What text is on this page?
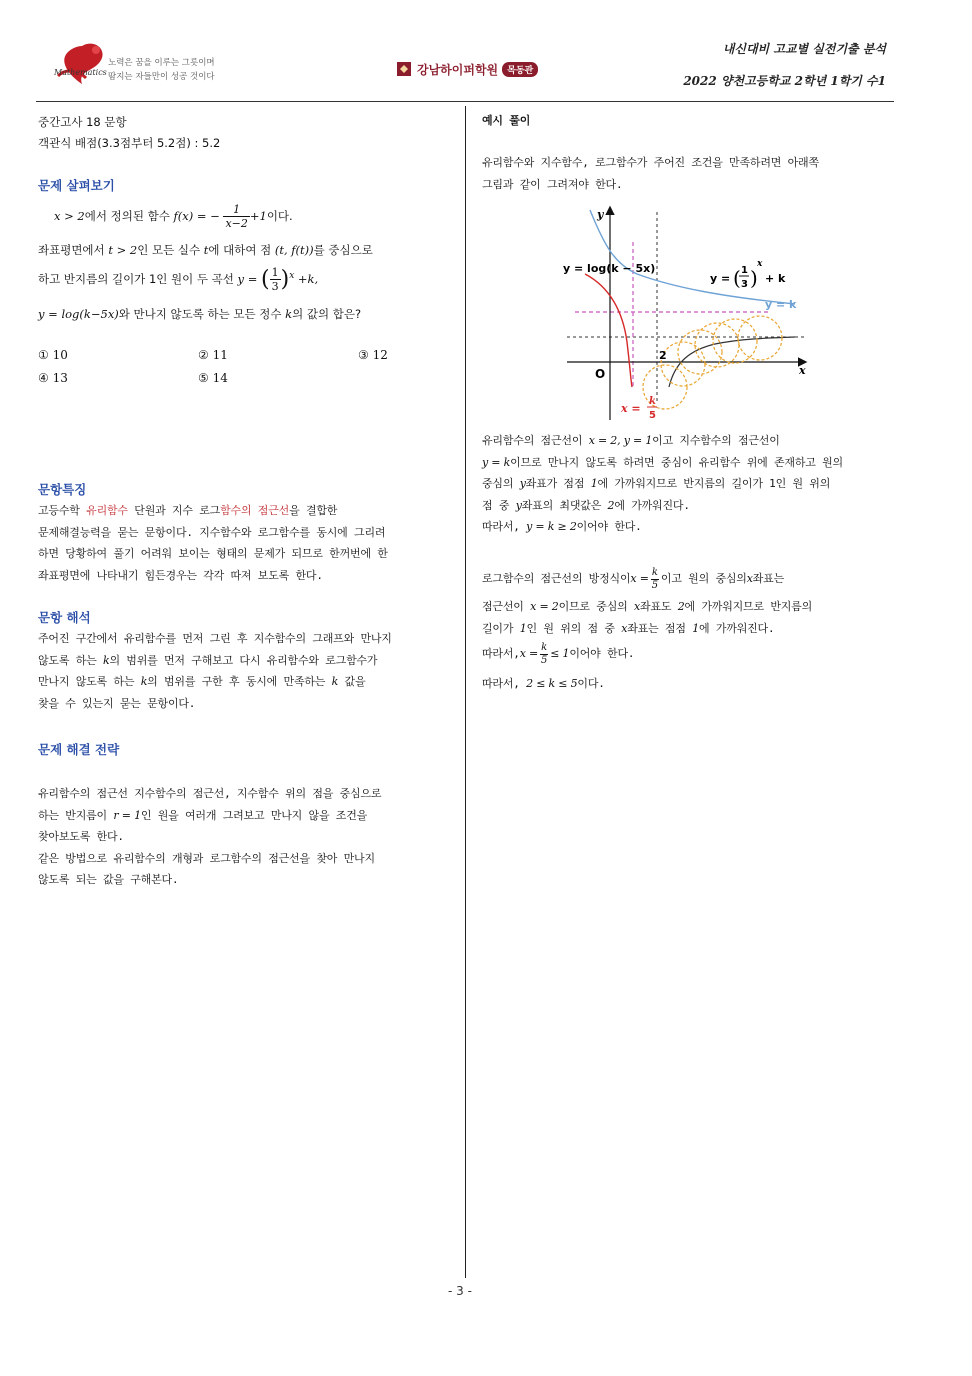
Mathematics
노력은 꿈을 이루는 그릇이며
땀지는 자들만이 성공 것이다
강남하이퍼학원	목동관
내신대비 고교별 실전기출 분석
2022 양천고등학교 2학년 1학기 수1
중간고사 18 문항
객관식 배점(3.3점부터 5.2점) : 5.2
문제 살펴보기
x > 2에서 정의된 함수 f(x) = − $\frac{1}{x-2} +1$이다.
좌표평면에서 t > 2인 모든 실수 t에 대하여 점 (t, f(t))를 중심으로
하고 반지름의 길이가 1인 원이 두 곡선 y = ( $\frac{1}{3} )^x +k$,
y = log(k−5x)와 만나지 않도록 하는 모든 정수 k의 값의 합은?
① 10	② 11	③ 12
④ 13	⑤ 14
문항특징
고등수학 유리함수 단원과 지수 로그함수의 점근선을 결합한
문제해결능력을 묻는 문항이다. 지수함수와 로그함수를 동시에 그리려
하면 당황하여 풀기 어려워 보이는 형태의 문제가 되므로 한꺼번에 한
좌표평면에 나타내기 힘든경우는 각각 따져 보도록 한다.
문항 해석
주어진 구간에서 유리함수를 먼저 그린 후 지수함수의 그래프와 만나지
않도록 하는 k의 범위를 먼저 구해보고 다시 유리함수와 로그함수가
만나지 않도록 하는 k의 범위를 구한 후 동시에 만족하는 k 값을
찾을 수 있는지 묻는 문항이다.
문제 해결 전략
유리함수의 점근선 지수함수의 점근선, 지수함수 위의 점을 중심으로
하는 반지름이 r = 1인 원을 여러개 그려보고 만나지 않을 조건을
찾아보도록 한다.
같은 방법으로 유리함수의 개형과 로그함수의 점근선을 찾아 만나지
않도록 되는 값을 구해본다.
예시 풀이
유리함수와 지수함수, 로그함수가 주어진 조건을 만족하려면 아래쪽
그림과 같이 그려져야 한다.
y
x
O
2
y = log(k − 5x)
y = k
y = ( 1
3 )
x
+ k
x =
k
5
유리함수의 점근선이 x = 2, y = 1이고 지수함수의 점근선이
y = k이므로 만나지 않도록 하려면 중심이 유리함수 위에 존재하고 원의
중심의 y좌표가 점점 1에 가까워지므로 반지름의 길이가 1인 원 위의
점 중 y좌표의 최댓값은 2에 가까워진다.
따라서, y = k ≥ 2이어야 한다.
로그함수의 점근선의 방정식이 $x = \frac{k}{5}$ 이고 원의 중심의 x 좌표는
점근선이 x = 2이므로 중심의 x좌표도 2에 가까워지므로 반지름의
길이가 1인 원 위의 점 중 x좌표는 점점 1에 가까워진다.
따라서, $x = \frac{k}{5} \le 1$ 이어야 한다.
따라서, 2 ≤ k ≤ 5이다.
- 3 -
